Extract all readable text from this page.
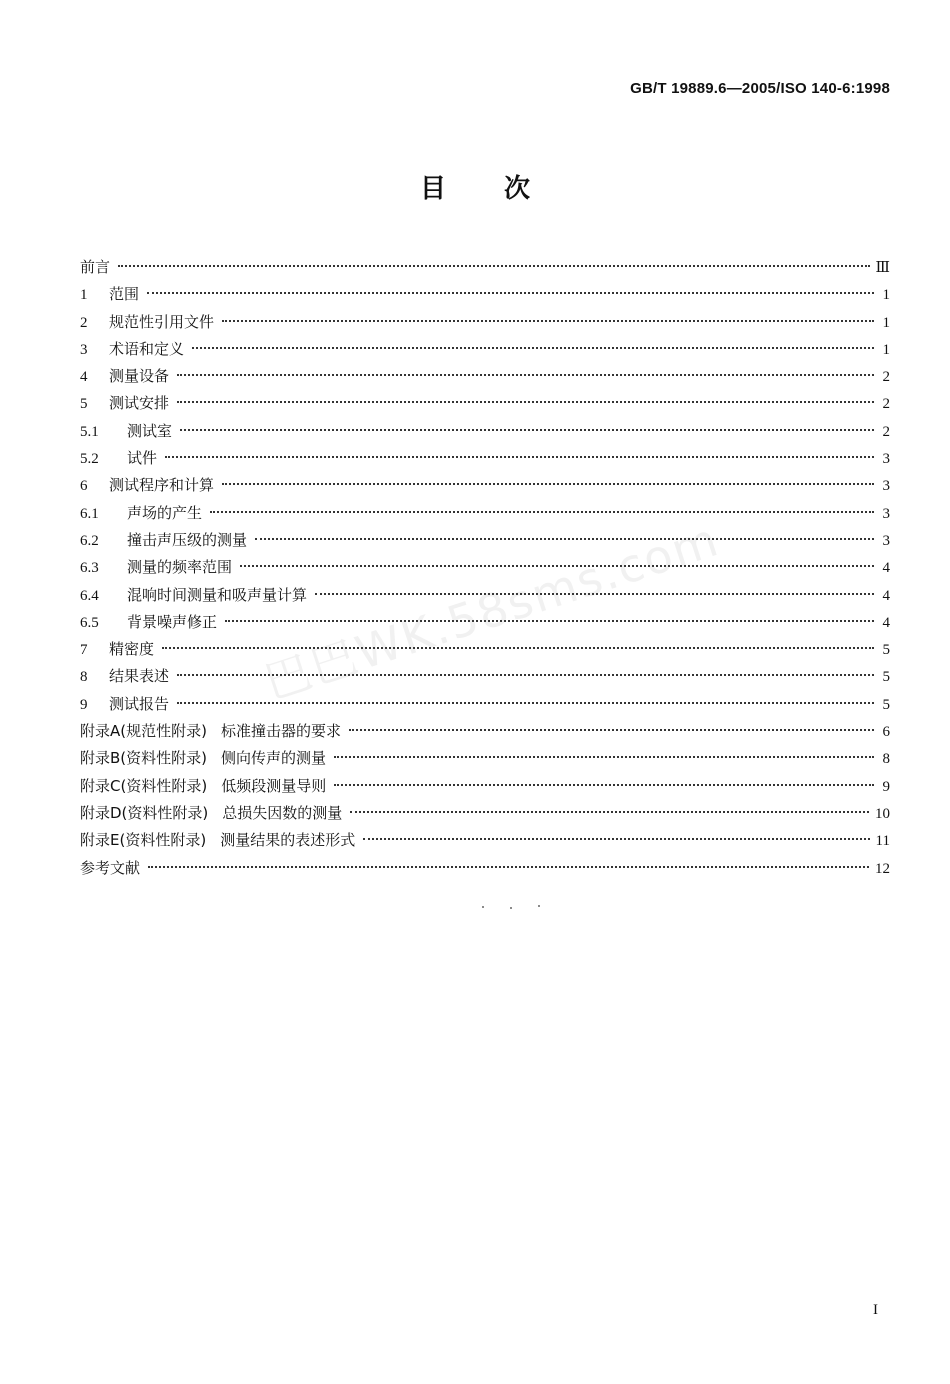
GB/T 19889.6—2005/ISO 140-6:1998
目 次
前言	Ⅲ
1	范围	1
2	规范性引用文件	1
3	术语和定义	1
4	测量设备	2
5	测试安排	2
5.1	测试室	2
5.2	试件	3
6	测试程序和计算	3
6.1	声场的产生	3
6.2	撞击声压级的测量	3
6.3	测量的频率范围	4
6.4	混响时间测量和吸声量计算	4
6.5	背景噪声修正	4
7	精密度	5
8	结果表述	5
9	测试报告	5
附录A(规范性附录) 标准撞击器的要求	6
附录B(资料性附录) 侧向传声的测量	8
附录C(资料性附录) 低频段测量导则	9
附录D(资料性附录) 总损失因数的测量	10
附录E(资料性附录) 测量结果的表述形式	11
参考文献	12
巴巴WK.58sms.com
I
